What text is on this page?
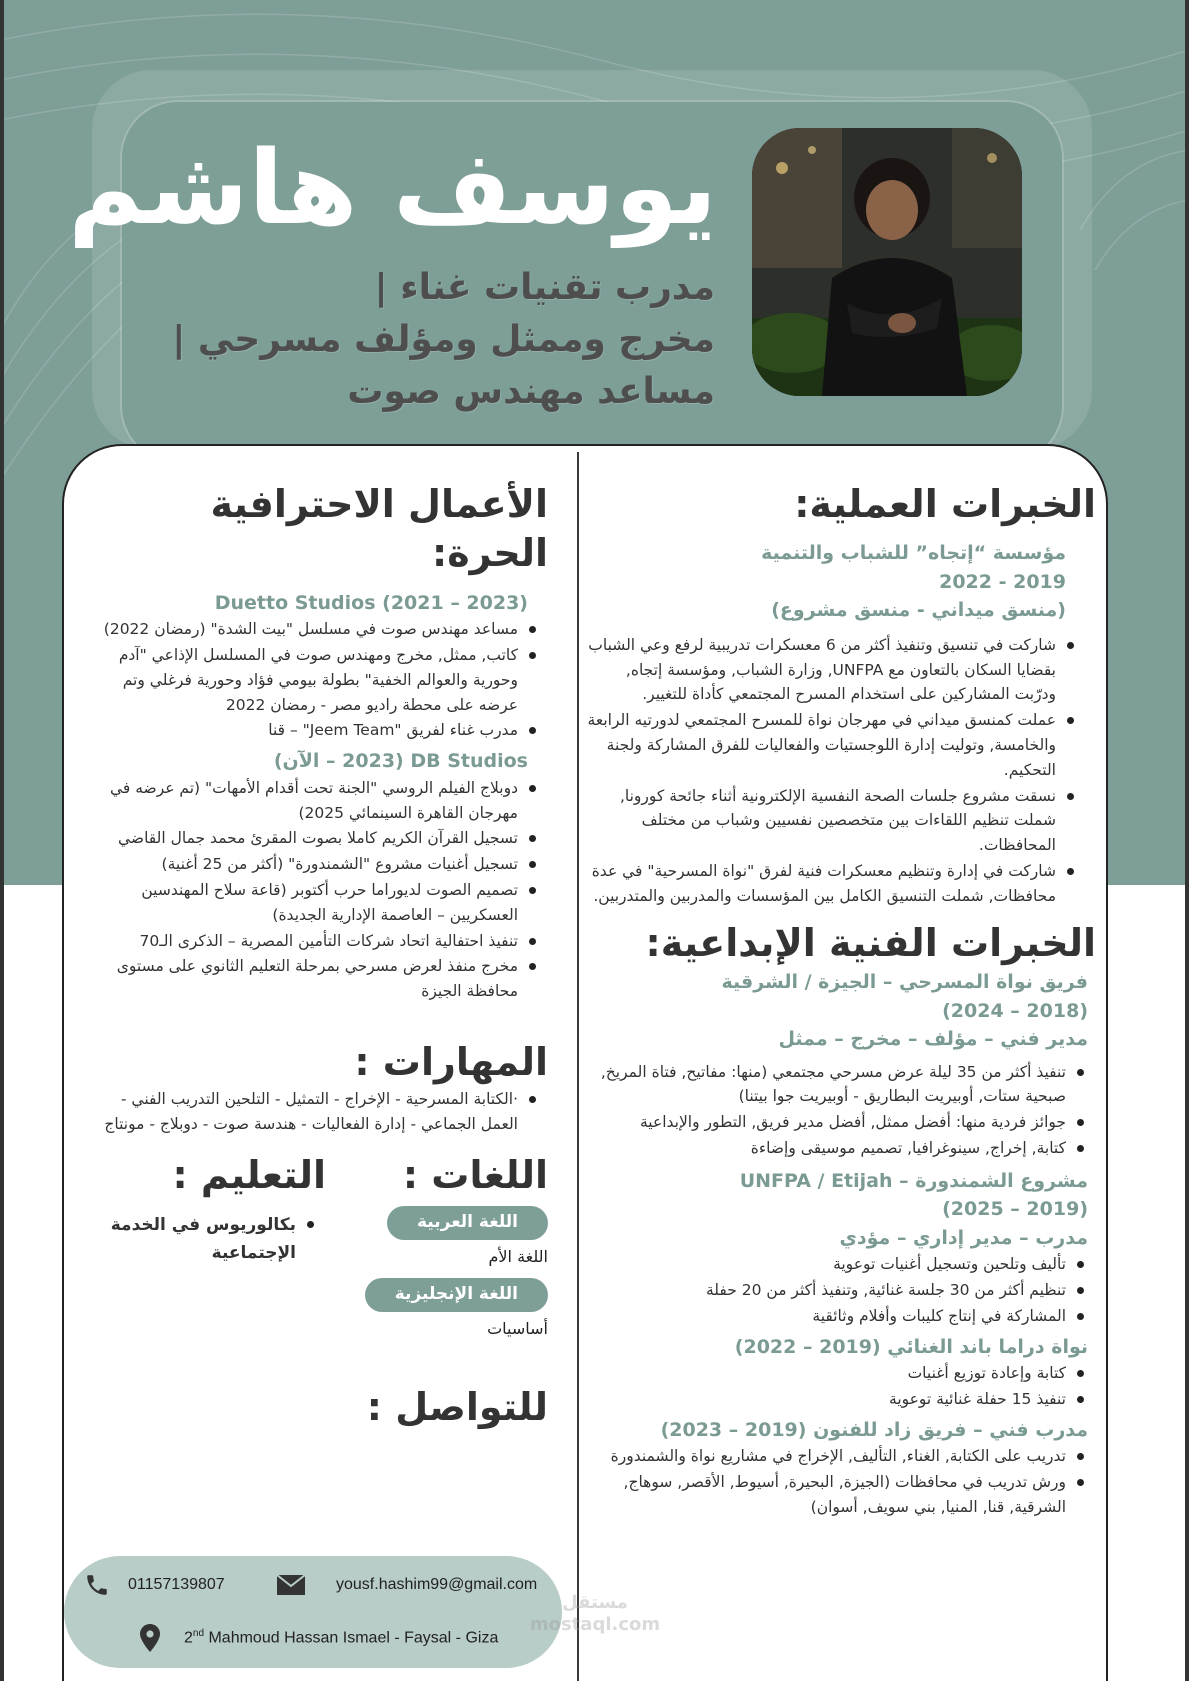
يوسف هاشم
مدرب تقنيات غناء |
مخرج وممثل ومؤلف مسرحي |
مساعد مهندس صوت
الخبرات العملية:
مؤسسة “إتجاه” للشباب والتنمية
2019 - 2022
(منسق ميداني - منسق مشروع)
شاركت في تنسيق وتنفيذ أكثر من 6 معسكرات تدريبية لرفع وعي الشباب بقضايا السكان بالتعاون مع UNFPA, وزارة الشباب, ومؤسسة إتجاه, ودرّبت المشاركين على استخدام المسرح المجتمعي كأداة للتغيير.
عملت كمنسق ميداني في مهرجان نواة للمسرح المجتمعي لدورتيه الرابعة والخامسة, وتوليت إدارة اللوجستيات والفعاليات للفرق المشاركة ولجنة التحكيم.
نسقت مشروع جلسات الصحة النفسية الإلكترونية أثناء جائحة كورونا, شملت تنظيم اللقاءات بين متخصصين نفسيين وشباب من مختلف المحافظات.
شاركت في إدارة وتنظيم معسكرات فنية لفرق "نواة المسرحية" في عدة محافظات, شملت التنسيق الكامل بين المؤسسات والمدربين والمتدربين.
الخبرات الفنية الإبداعية:
فريق نواة المسرحي – الجيزة / الشرقية
(2018 – 2024)
مدير فني – مؤلف – مخرج – ممثل
تنفيذ أكثر من 35 ليلة عرض مسرحي مجتمعي (منها: مفاتيح, فتاة المريخ, صبحية ستات, أوبيريت البطاريق - أوبيريت جوا بيتنا)
جوائز فردية منها: أفضل ممثل, أفضل مدير فريق, التطور والإبداعية
كتابة, إخراج, سينوغرافيا, تصميم موسيقى وإضاءة
مشروع الشمندورة – UNFPA / Etijah
(2019 – 2025)
مدرب – مدير إداري – مؤدي
تأليف وتلحين وتسجيل أغنيات توعوية
تنظيم أكثر من 30 جلسة غنائية, وتنفيذ أكثر من 20 حفلة
المشاركة في إنتاج كليبات وأفلام وثائقية
نواة دراما باند الغنائي (2019 – 2022)
كتابة وإعادة توزيع أغنيات
تنفيذ 15 حفلة غنائية توعوية
مدرب فني – فريق زاد للفنون (2019 – 2023)
تدريب على الكتابة, الغناء, التأليف, الإخراج في مشاريع نواة والشمندورة
ورش تدريب في محافظات (الجيزة, البحيرة, أسيوط, الأقصر, سوهاج, الشرقية, قنا, المنيا, بني سويف, أسوان)
الأعمال الاحترافية الحرة:
Duetto Studios (2021 – 2023)
مساعد مهندس صوت في مسلسل "بيت الشدة" (رمضان 2022)
كاتب, ممثل, مخرج ومهندس صوت في المسلسل الإذاعي "آدم وحورية والعوالم الخفية" بطولة بيومي فؤاد وحورية فرغلي وتم عرضه على محطة راديو مصر - رمضان 2022
مدرب غناء لفريق "Jeem Team" – قنا
DB Studios (2023 – الآن)
دوبلاج الفيلم الروسي "الجنة تحت أقدام الأمهات" (تم عرضه في مهرجان القاهرة السينمائي 2025)
تسجيل القرآن الكريم كاملا بصوت المقرئ محمد جمال القاضي
تسجيل أغنيات مشروع "الشمندورة" (أكثر من 25 أغنية)
تصميم الصوت لديوراما حرب أكتوبر (قاعة سلاح المهندسين العسكريين – العاصمة الإدارية الجديدة)
تنفيذ احتفالية اتحاد شركات التأمين المصرية – الذكرى الـ70
مخرج منفذ لعرض مسرحي بمرحلة التعليم الثانوي على مستوى محافظة الجيزة
المهارات :
·الكتابة المسرحية - الإخراج - التمثيل - التلحين التدريب الفني - العمل الجماعي - إدارة الفعاليات - هندسة صوت - دوبلاج - مونتاج
اللغات :
اللغة العربية
اللغة الأم
اللغة الإنجليزية
أساسيات
التعليم :
بكالوريوس في الخدمة الإجتماعية
للتواصل :
01157139807	yousf.hashim99@gmail.com
2nd Mahmoud Hassan Ismael - Faysal - Giza
مستقل mostaql.com
